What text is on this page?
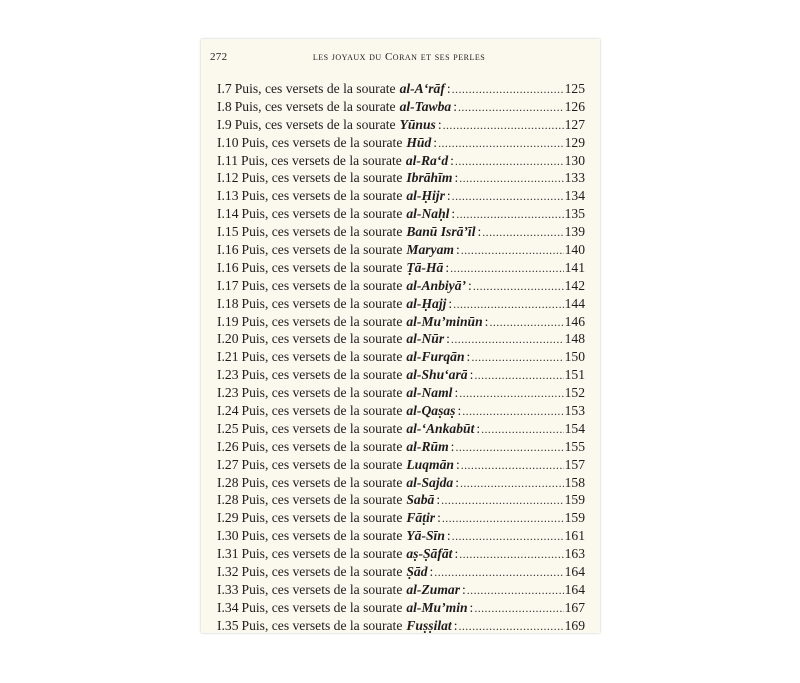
272	les joyaux du Coran et ses perles
I.7 Puis, ces versets de la sourate al-A‘rāf : .....	125
I.8 Puis, ces versets de la sourate al-Tawba : .....	126
I.9 Puis, ces versets de la sourate Yūnus : .....	127
I.10 Puis, ces versets de la sourate Hūd : .....	129
I.11 Puis, ces versets de la sourate al-Ra‘d : .....	130
I.12 Puis, ces versets de la sourate Ibrāhīm : .....	133
I.13 Puis, ces versets de la sourate al-Ḥijr : .....	134
I.14 Puis, ces versets de la sourate al-Naḥl : .....	135
I.15 Puis, ces versets de la sourate Banū Isrā’īl : .....	139
I.16 Puis, ces versets de la sourate Maryam : .....	140
I.16 Puis, ces versets de la sourate Ṭā-Hā : .....	141
I.17 Puis, ces versets de la sourate al-Anbiyā’ : .....	142
I.18 Puis, ces versets de la sourate al-Ḥajj : .....	144
I.19 Puis, ces versets de la sourate al-Mu’minūn : .....	146
I.20 Puis, ces versets de la sourate al-Nūr : .....	148
I.21 Puis, ces versets de la sourate al-Furqān : .....	150
I.23 Puis, ces versets de la sourate al-Shu‘arā : .....	151
I.23 Puis, ces versets de la sourate al-Naml : .....	152
I.24 Puis, ces versets de la sourate al-Qaṣaṣ : .....	153
I.25 Puis, ces versets de la sourate al-‘Ankabūt : .....	154
I.26 Puis, ces versets de la sourate al-Rūm : .....	155
I.27 Puis, ces versets de la sourate Luqmān : .....	157
I.28 Puis, ces versets de la sourate al-Sajda : .....	158
I.28 Puis, ces versets de la sourate Sabā : .....	159
I.29 Puis, ces versets de la sourate Fāṭir : .....	159
I.30 Puis, ces versets de la sourate Yā-Sīn : .....	161
I.31 Puis, ces versets de la sourate aṣ-Ṣāfāt : .....	163
I.32 Puis, ces versets de la sourate Ṣād : .....	164
I.33 Puis, ces versets de la sourate al-Zumar : .....	164
I.34 Puis, ces versets de la sourate al-Mu’min : .....	167
I.35 Puis, ces versets de la sourate Fuṣṣilat : .....	169
